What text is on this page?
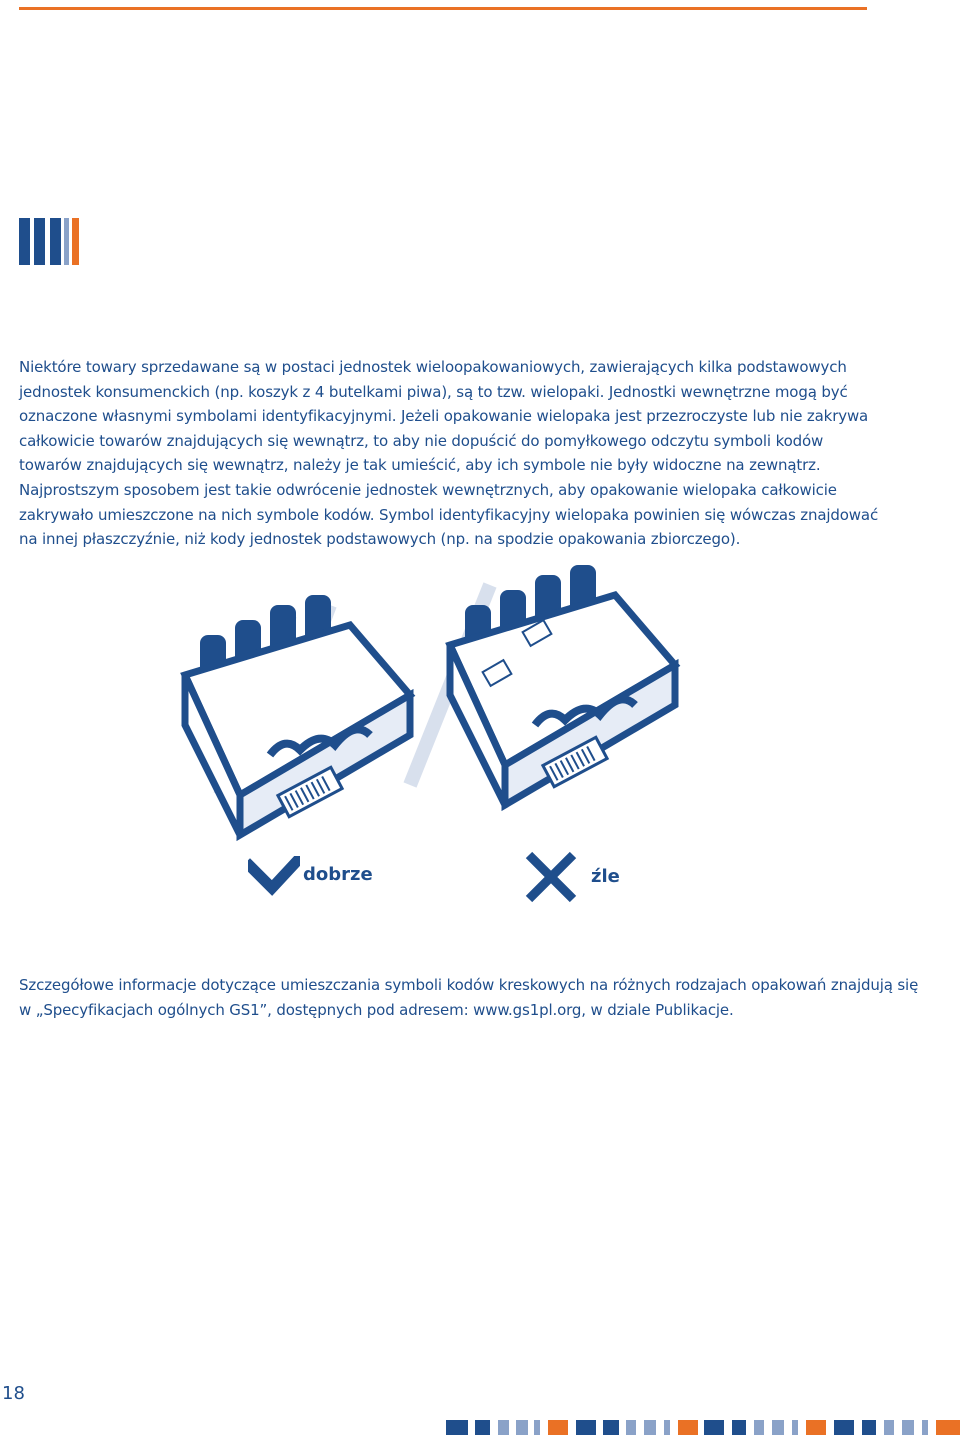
Niektóre towary sprzedawane są w postaci jednostek wieloopakowaniowych, zawierających kilka podstawowych jednostek konsumenckich (np. koszyk z 4 butelkami piwa), są to tzw. wielopaki. Jednostki wewnętrzne mogą być oznaczone własnymi symbolami identyfikacyjnymi. Jeżeli opakowanie wielopaka jest przezroczyste lub nie zakrywa całkowicie towarów znajdujących się wewnątrz, to aby nie dopuścić do pomyłkowego odczytu symboli kodów towarów znajdujących się wewnątrz, należy je tak umieścić, aby ich symbole nie były widoczne na zewnątrz. Najprostszym sposobem jest takie odwrócenie jednostek wewnętrznych, aby opakowanie wielopaka całkowicie zakrywało umieszczone na nich symbole kodów. Symbol identyfikacyjny wielopaka powinien się wówczas znajdować na innej płaszczyźnie, niż kody jednostek podstawowych (np. na spodzie opakowania zbiorczego).

dobrze	źle

Szczegółowe informacje dotyczące umieszczania symboli kodów kreskowych na różnych rodzajach opakowań znajdują się w „Specyfikacjach ogólnych GS1”, dostępnych pod adresem: www.gs1pl.org, w dziale Publikacje.

18
